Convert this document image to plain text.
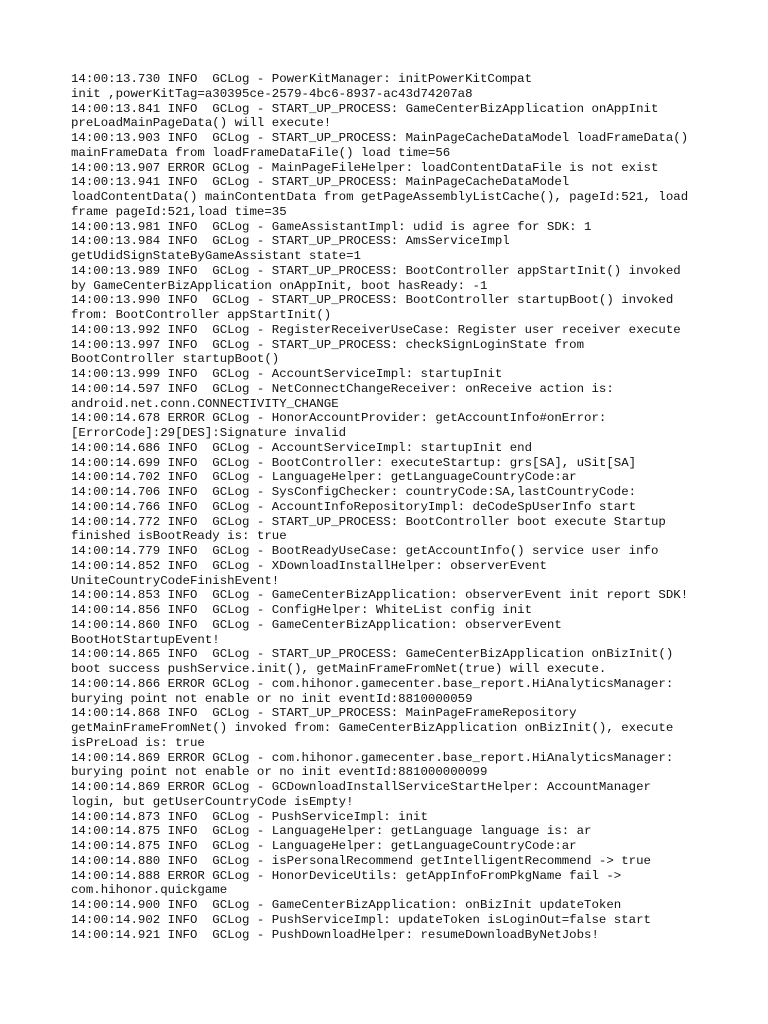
14:00:13.730 INFO  GCLog - PowerKitManager: initPowerKitCompat

init ,powerKitTag=a30395ce-2579-4bc6-8937-ac43d74207a8

14:00:13.841 INFO  GCLog - START_UP_PROCESS: GameCenterBizApplication onAppInit

preLoadMainPageData() will execute!

14:00:13.903 INFO  GCLog - START_UP_PROCESS: MainPageCacheDataModel loadFrameData()

mainFrameData from loadFrameDataFile() load time=56

14:00:13.907 ERROR GCLog - MainPageFileHelper: loadContentDataFile is not exist

14:00:13.941 INFO  GCLog - START_UP_PROCESS: MainPageCacheDataModel

loadContentData() mainContentData from getPageAssemblyListCache(), pageId:521, load

frame pageId:521,load time=35

14:00:13.981 INFO  GCLog - GameAssistantImpl: udid is agree for SDK: 1

14:00:13.984 INFO  GCLog - START_UP_PROCESS: AmsServiceImpl

getUdidSignStateByGameAssistant state=1

14:00:13.989 INFO  GCLog - START_UP_PROCESS: BootController appStartInit() invoked

by GameCenterBizApplication onAppInit, boot hasReady: -1

14:00:13.990 INFO  GCLog - START_UP_PROCESS: BootController startupBoot() invoked

from: BootController appStartInit()

14:00:13.992 INFO  GCLog - RegisterReceiverUseCase: Register user receiver execute

14:00:13.997 INFO  GCLog - START_UP_PROCESS: checkSignLoginState from

BootController startupBoot()

14:00:13.999 INFO  GCLog - AccountServiceImpl: startupInit

14:00:14.597 INFO  GCLog - NetConnectChangeReceiver: onReceive action is:

android.net.conn.CONNECTIVITY_CHANGE

14:00:14.678 ERROR GCLog - HonorAccountProvider: getAccountInfo#onError:

[ErrorCode]:29[DES]:Signature invalid

14:00:14.686 INFO  GCLog - AccountServiceImpl: startupInit end

14:00:14.699 INFO  GCLog - BootController: executeStartup: grs[SA], uSit[SA]

14:00:14.702 INFO  GCLog - LanguageHelper: getLanguageCountryCode:ar

14:00:14.706 INFO  GCLog - SysConfigChecker: countryCode:SA,lastCountryCode:

14:00:14.766 INFO  GCLog - AccountInfoRepositoryImpl: deCodeSpUserInfo start

14:00:14.772 INFO  GCLog - START_UP_PROCESS: BootController boot execute Startup

finished isBootReady is: true

14:00:14.779 INFO  GCLog - BootReadyUseCase: getAccountInfo() service user info

14:00:14.852 INFO  GCLog - XDownloadInstallHelper: observerEvent

UniteCountryCodeFinishEvent!

14:00:14.853 INFO  GCLog - GameCenterBizApplication: observerEvent init report SDK!

14:00:14.856 INFO  GCLog - ConfigHelper: WhiteList config init

14:00:14.860 INFO  GCLog - GameCenterBizApplication: observerEvent

BootHotStartupEvent!

14:00:14.865 INFO  GCLog - START_UP_PROCESS: GameCenterBizApplication onBizInit()

boot success pushService.init(), getMainFrameFromNet(true) will execute.

14:00:14.866 ERROR GCLog - com.hihonor.gamecenter.base_report.HiAnalyticsManager:

burying point not enable or no init eventId:8810000059

14:00:14.868 INFO  GCLog - START_UP_PROCESS: MainPageFrameRepository

getMainFrameFromNet() invoked from: GameCenterBizApplication onBizInit(), execute

isPreLoad is: true

14:00:14.869 ERROR GCLog - com.hihonor.gamecenter.base_report.HiAnalyticsManager:

burying point not enable or no init eventId:881000000099

14:00:14.869 ERROR GCLog - GCDownloadInstallServiceStartHelper: AccountManager

login, but getUserCountryCode isEmpty!

14:00:14.873 INFO  GCLog - PushServiceImpl: init

14:00:14.875 INFO  GCLog - LanguageHelper: getLanguage language is: ar

14:00:14.875 INFO  GCLog - LanguageHelper: getLanguageCountryCode:ar

14:00:14.880 INFO  GCLog - isPersonalRecommend getIntelligentRecommend -> true

14:00:14.888 ERROR GCLog - HonorDeviceUtils: getAppInfoFromPkgName fail ->

com.hihonor.quickgame

14:00:14.900 INFO  GCLog - GameCenterBizApplication: onBizInit updateToken

14:00:14.902 INFO  GCLog - PushServiceImpl: updateToken isLoginOut=false start

14:00:14.921 INFO  GCLog - PushDownloadHelper: resumeDownloadByNetJobs!
